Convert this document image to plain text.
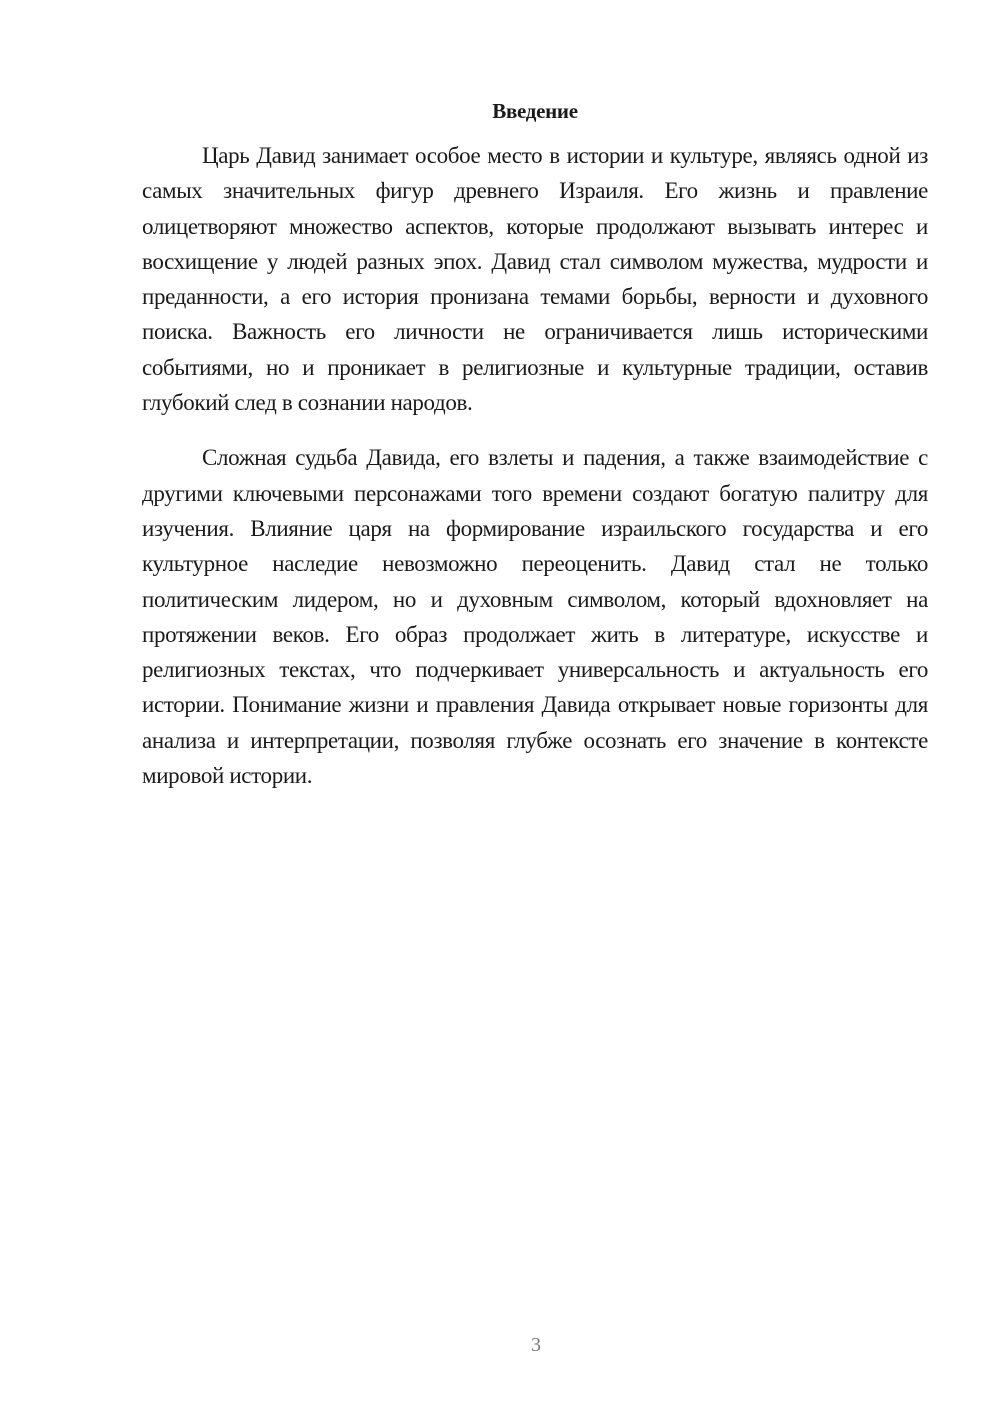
Введение

Царь Давид занимает особое место в истории и культуре, являясь одной из самых значительных фигур древнего Израиля. Его жизнь и правление олицетворяют множество аспектов, которые продолжают вызывать интерес и восхищение у людей разных эпох. Давид стал символом мужества, мудрости и преданности, а его история пронизана темами борьбы, верности и духовного поиска. Важность его личности не ограничивается лишь историческими событиями, но и проникает в религиозные и культурные традиции, оставив глубокий след в сознании народов.

Сложная судьба Давида, его взлеты и падения, а также взаимодействие с другими ключевыми персонажами того времени создают богатую палитру для изучения. Влияние царя на формирование израильского государства и его культурное наследие невозможно переоценить. Давид стал не только политическим лидером, но и духовным символом, который вдохновляет на протяжении веков. Его образ продолжает жить в литературе, искусстве и религиозных текстах, что подчеркивает универсальность и актуальность его истории. Понимание жизни и правления Давида открывает новые горизонты для анализа и интерпретации, позволяя глубже осознать его значение в контексте мировой истории.

3
